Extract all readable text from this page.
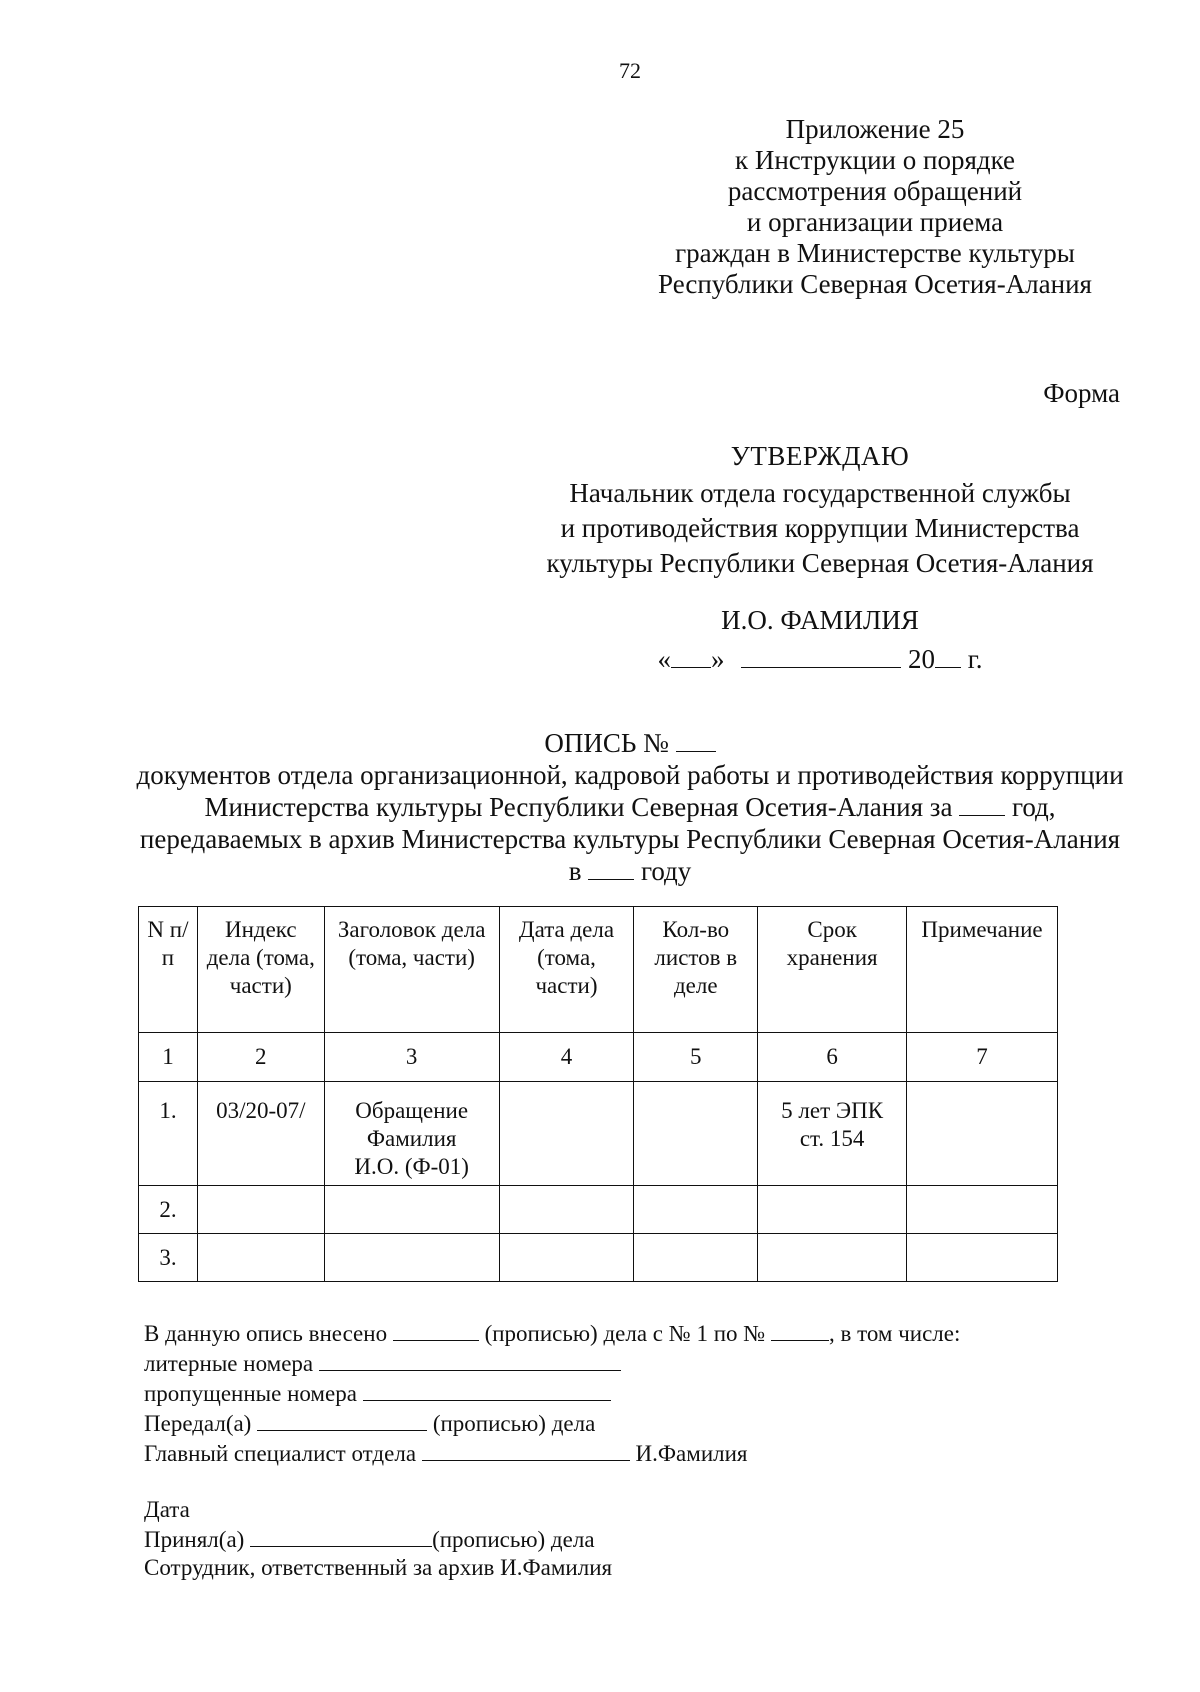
72
Приложение 25
к Инструкции о порядке
рассмотрения обращений
и организации приема
граждан в Министерстве культуры
Республики Северная Осетия-Алания
Форма
УТВЕРЖДАЮ
Начальник отдела государственной службы
и противодействия коррупции Министерства
культуры Республики Северная Осетия-Алания
И.О. ФАМИЛИЯ
« »	20 г.
ОПИСЬ №
документов отдела организационной, кадровой работы и противодействия коррупции
Министерства культуры Республики Северная Осетия-Алания за год,
передаваемых в архив Министерства культуры Республики Северная Осетия-Алания
в году
N п/п	Индекс дела (тома, части)	Заголовок дела (тома, части)	Дата дела (тома, части)	Кол-во листов в деле	Срок хранения	Примечание
1	2	3	4	5	6	7
1.	03/20-07/	Обращение Фамилия И.О. (Ф-01)			5 лет ЭПК ст. 154	
2.						
3.						
В данную опись внесено	(прописью) дела с № 1 по №	, в том числе:
литерные номера
пропущенные номера
Передал(а)	(прописью) дела
Главный специалист отдела	И.Фамилия
Дата
Принял(а)	(прописью) дела
Сотрудник, ответственный за архив И.Фамилия
